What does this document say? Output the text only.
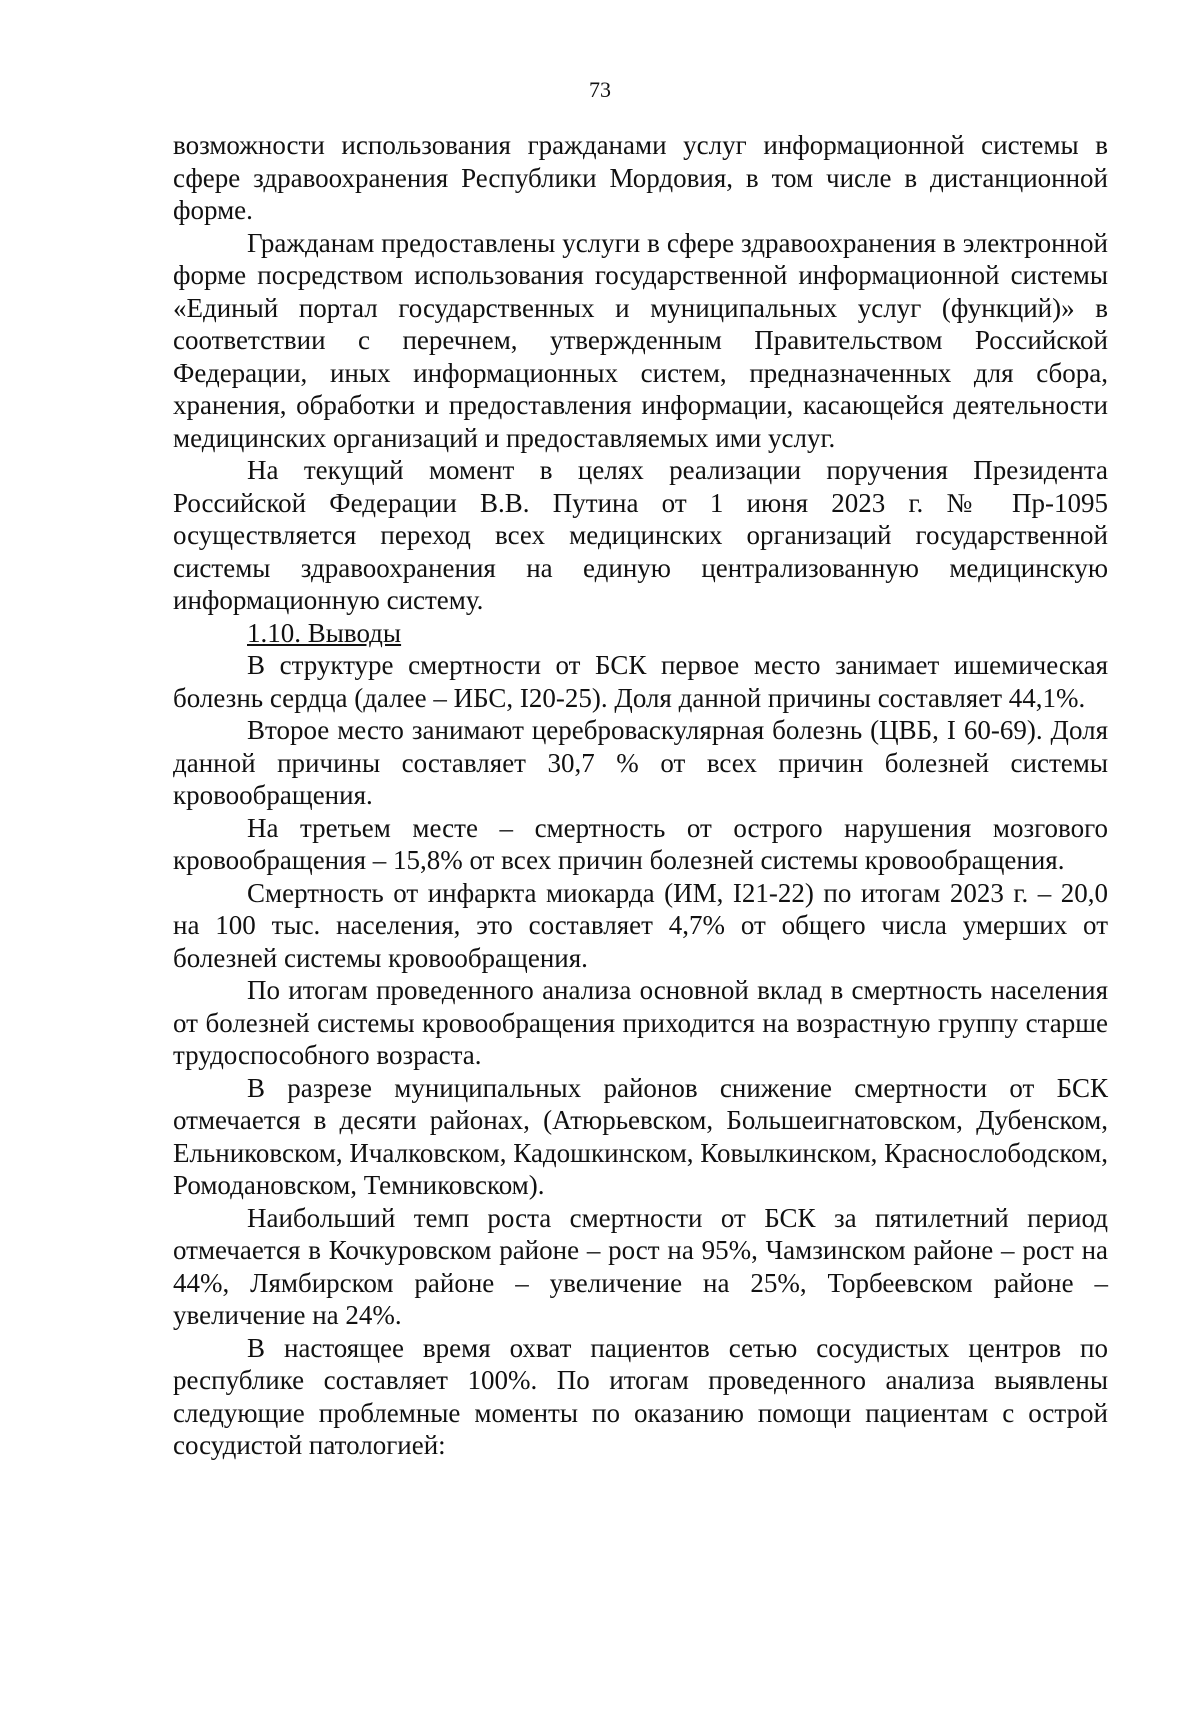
73

возможности использования гражданами услуг информационной системы в сфере здравоохранения Республики Мордовия, в том числе в дистанционной форме.

Гражданам предоставлены услуги в сфере здравоохранения в электронной форме посредством использования государственной информационной системы «Единый портал государственных и муниципальных услуг (функций)» в соответствии с перечнем, утвержденным Правительством Российской Федерации, иных информационных систем, предназначенных для сбора, хранения, обработки и предоставления информации, касающейся деятельности медицинских организаций и предоставляемых ими услуг.

На текущий момент в целях реализации поручения Президента Российской Федерации В.В. Путина от 1 июня 2023 г. № Пр-1095 осуществляется переход всех медицинских организаций государственной системы здравоохранения на единую централизованную медицинскую информационную систему.

1.10. Выводы

В структуре смертности от БСК первое место занимает ишемическая болезнь сердца (далее – ИБС, I20-25). Доля данной причины составляет 44,1%.

Второе место занимают цереброваскулярная болезнь (ЦВБ, I 60-69). Доля данной причины составляет 30,7 % от всех причин болезней системы кровообращения.

На третьем месте – смертность от острого нарушения мозгового кровообращения – 15,8% от всех причин болезней системы кровообращения.

Смертность от инфаркта миокарда (ИМ, I21-22) по итогам 2023 г. – 20,0 на 100 тыс. населения, это составляет 4,7% от общего числа умерших от болезней системы кровообращения.

По итогам проведенного анализа основной вклад в смертность населения от болезней системы кровообращения приходится на возрастную группу старше трудоспособного возраста.

В разрезе муниципальных районов снижение смертности от БСК отмечается в десяти районах, (Атюрьевском, Большеигнатовском, Дубенском, Ельниковском, Ичалковском, Кадошкинском, Ковылкинском, Краснослободском, Ромодановском, Темниковском).

Наибольший темп роста смертности от БСК за пятилетний период отмечается в Кочкуровском районе – рост на 95%, Чамзинском районе – рост на 44%, Лямбирском районе – увеличение на 25%, Торбеевском районе – увеличение на 24%.

В настоящее время охват пациентов сетью сосудистых центров по республике составляет 100%. По итогам проведенного анализа выявлены следующие проблемные моменты по оказанию помощи пациентам с острой сосудистой патологией:
